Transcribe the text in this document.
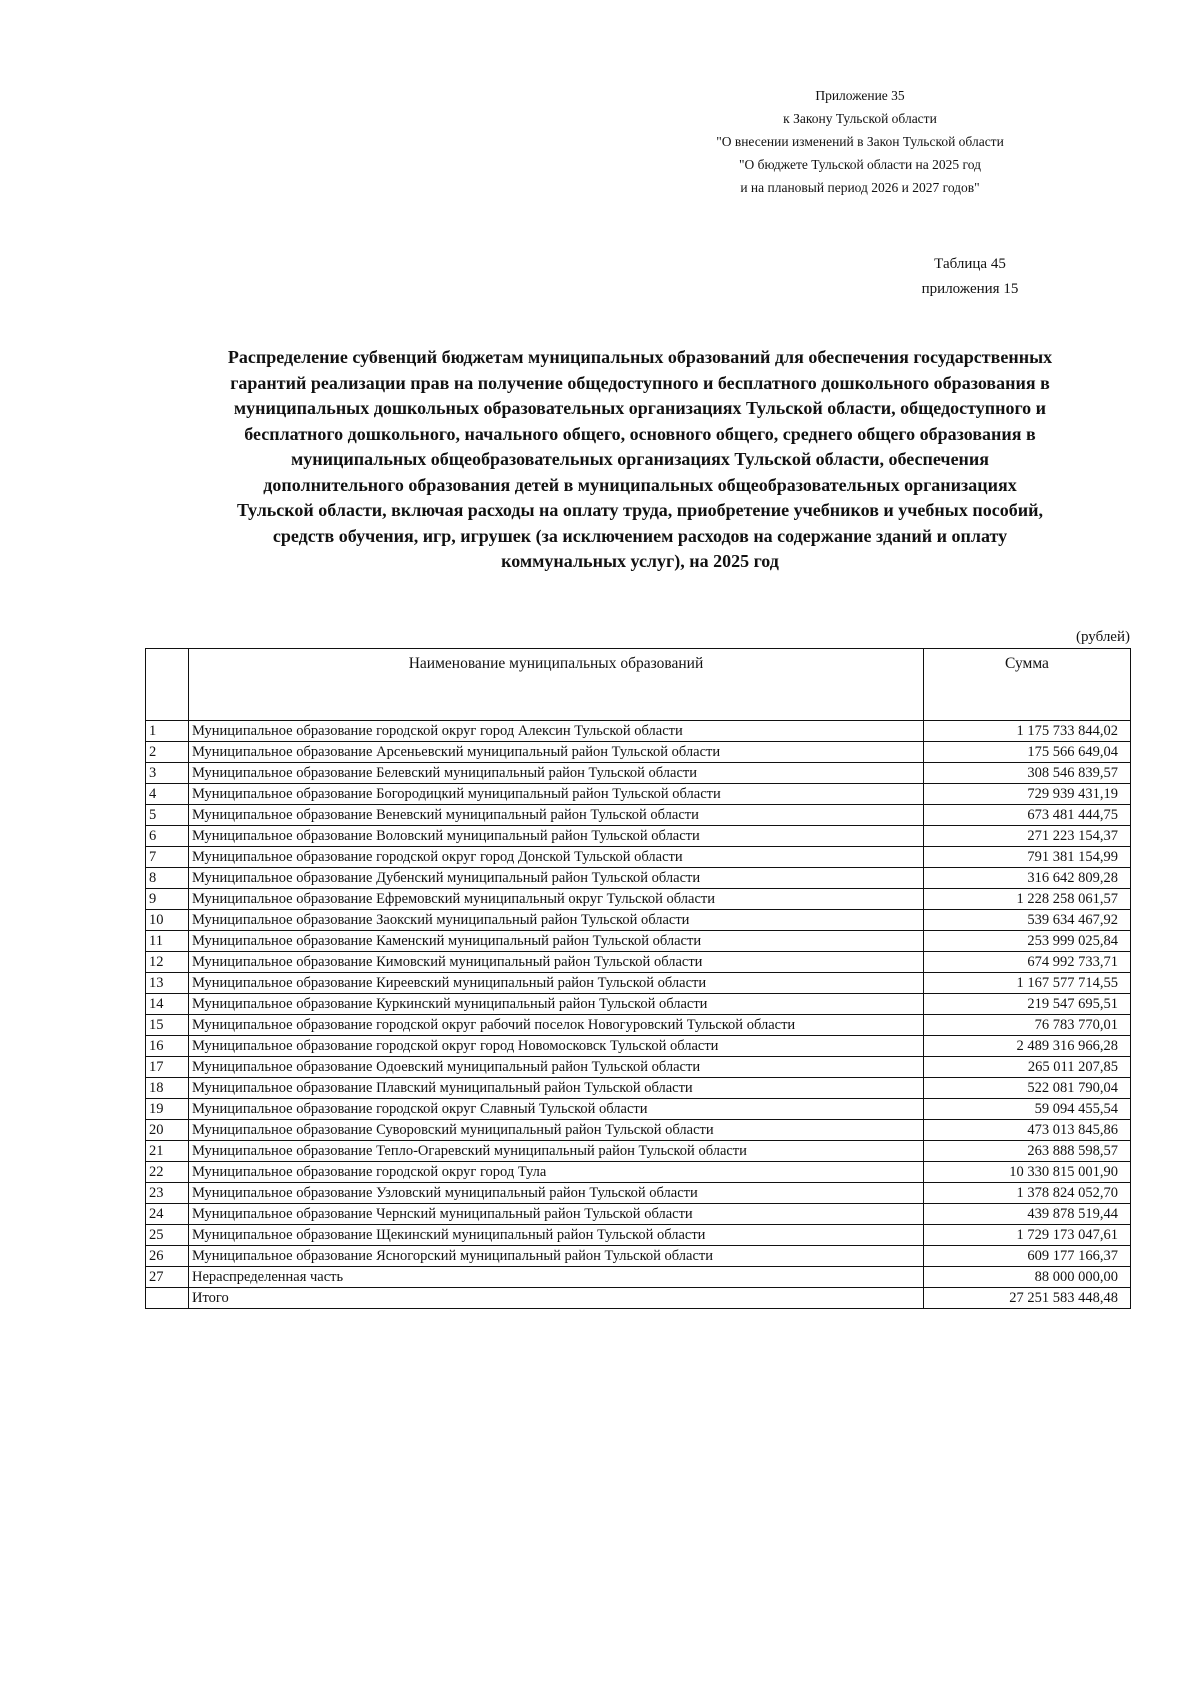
Приложение 35
к Закону Тульской области
"О внесении изменений в Закон Тульской области
"О бюджете Тульской области на 2025 год
и на плановый период 2026 и 2027 годов"
Таблица 45
приложения 15
Распределение субвенций бюджетам муниципальных образований для обеспечения государственных
гарантий реализации прав на получение общедоступного и бесплатного дошкольного образования в
муниципальных дошкольных образовательных организациях Тульской области, общедоступного и
бесплатного дошкольного, начального общего, основного общего, среднего общего образования в
муниципальных общеобразовательных организациях Тульской области, обеспечения
дополнительного образования детей в муниципальных общеобразовательных организациях
Тульской области, включая расходы на оплату труда, приобретение учебников и учебных пособий,
средств обучения, игр, игрушек (за исключением расходов на содержание зданий и оплату
коммунальных услуг), на 2025 год
(рублей)
	Наименование муниципальных образований	Сумма
1	Муниципальное образование городской округ город Алексин Тульской области	1 175 733 844,02
2	Муниципальное образование Арсеньевский муниципальный район Тульской области	175 566 649,04
3	Муниципальное образование Белевский муниципальный район Тульской области	308 546 839,57
4	Муниципальное образование Богородицкий муниципальный район Тульской области	729 939 431,19
5	Муниципальное образование Веневский муниципальный район Тульской области	673 481 444,75
6	Муниципальное образование Воловский муниципальный район Тульской области	271 223 154,37
7	Муниципальное образование городской округ город Донской Тульской области	791 381 154,99
8	Муниципальное образование Дубенский муниципальный район Тульской области	316 642 809,28
9	Муниципальное образование Ефремовский муниципальный округ Тульской области	1 228 258 061,57
10	Муниципальное образование Заокский муниципальный район Тульской области	539 634 467,92
11	Муниципальное образование Каменский муниципальный район Тульской области	253 999 025,84
12	Муниципальное образование Кимовский муниципальный район Тульской области	674 992 733,71
13	Муниципальное образование Киреевский муниципальный район Тульской области	1 167 577 714,55
14	Муниципальное образование Куркинский муниципальный район Тульской области	219 547 695,51
15	Муниципальное образование городской округ рабочий поселок Новогуровский Тульской области	76 783 770,01
16	Муниципальное образование городской округ город Новомосковск Тульской области	2 489 316 966,28
17	Муниципальное образование Одоевский муниципальный район Тульской области	265 011 207,85
18	Муниципальное образование Плавский муниципальный район Тульской области	522 081 790,04
19	Муниципальное образование городской округ Славный Тульской области	59 094 455,54
20	Муниципальное образование Суворовский муниципальный район Тульской области	473 013 845,86
21	Муниципальное образование Тепло-Огаревский муниципальный район Тульской области	263 888 598,57
22	Муниципальное образование городской округ город Тула	10 330 815 001,90
23	Муниципальное образование Узловский муниципальный район Тульской области	1 378 824 052,70
24	Муниципальное образование Чернский муниципальный район Тульской области	439 878 519,44
25	Муниципальное образование Щекинский муниципальный район Тульской области	1 729 173 047,61
26	Муниципальное образование Ясногорский муниципальный район Тульской области	609 177 166,37
27	Нераспределенная часть	88 000 000,00
	Итого	27 251 583 448,48
